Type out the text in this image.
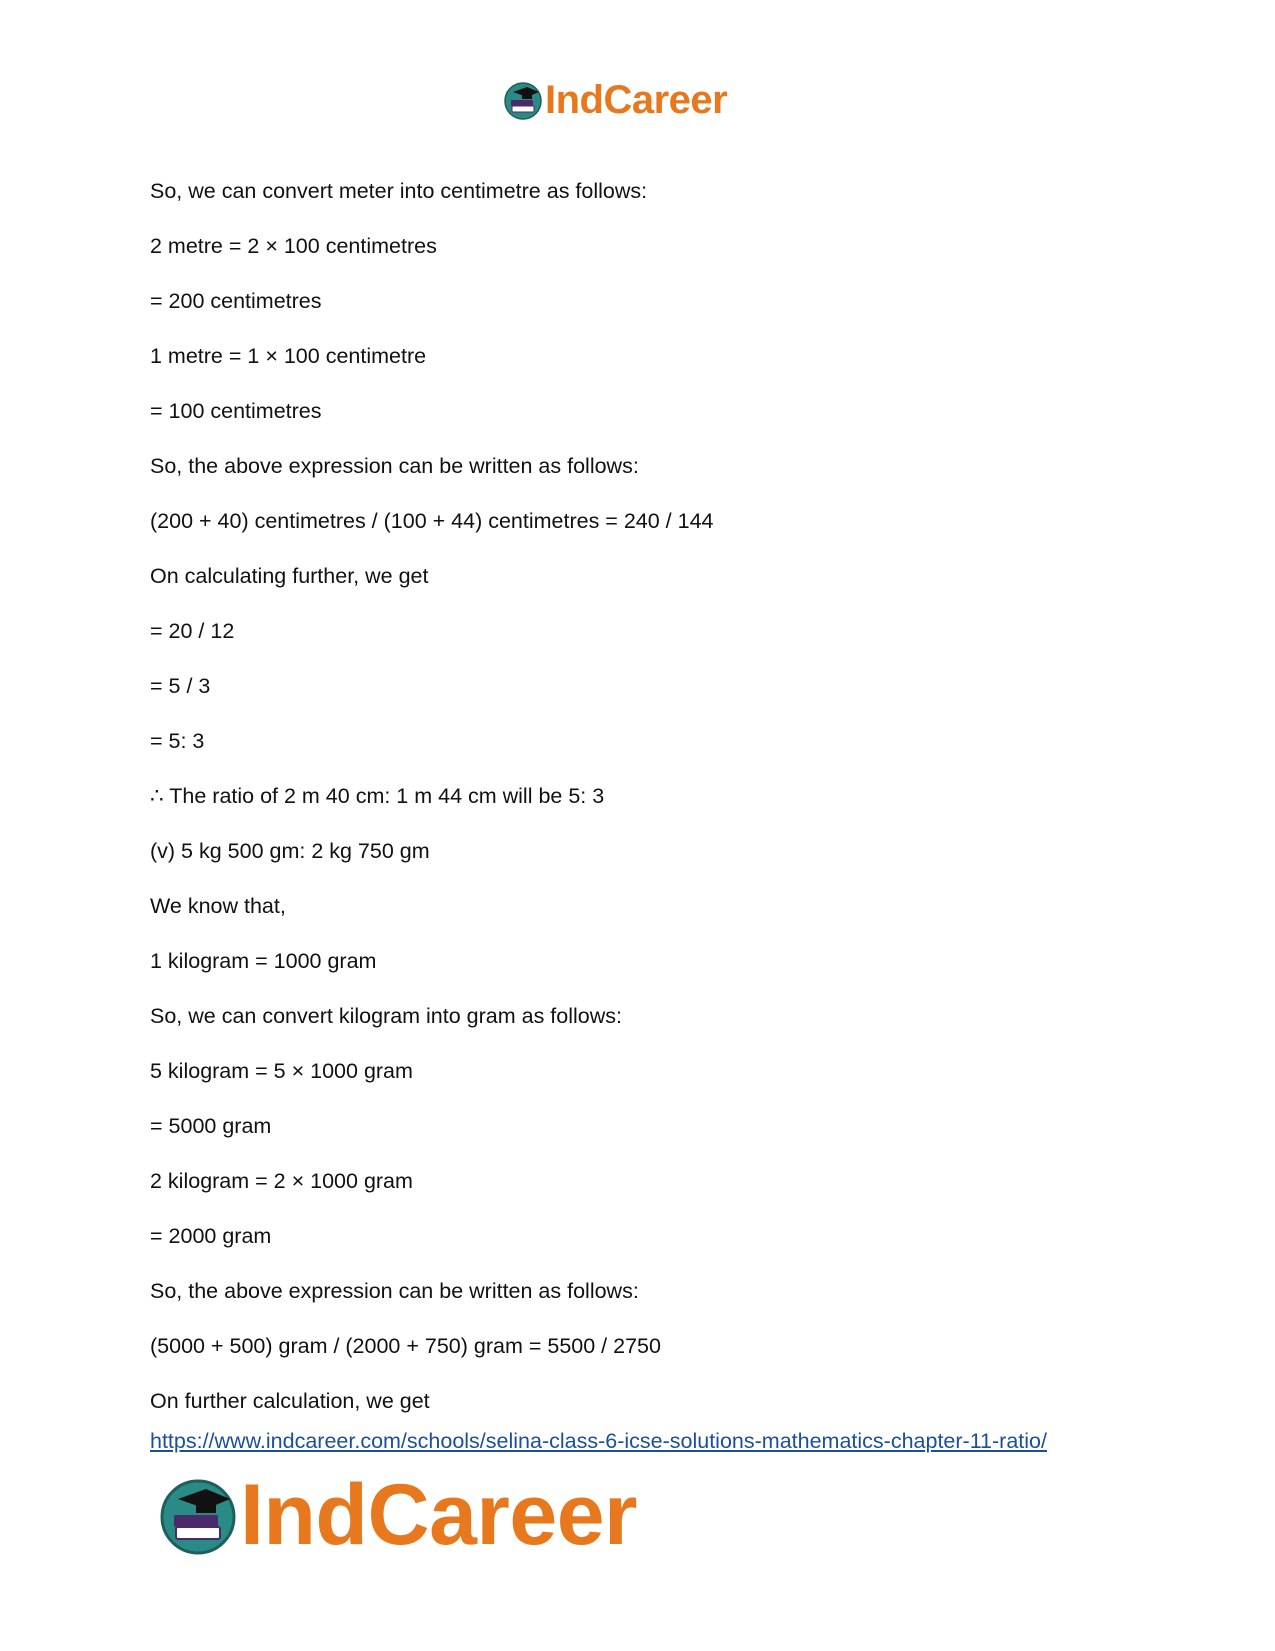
IndCareer
So, we can convert meter into centimetre as follows:
2 metre = 2 × 100 centimetres
= 200 centimetres
1 metre = 1 × 100 centimetre
= 100 centimetres
So, the above expression can be written as follows:
(200 + 40) centimetres / (100 + 44) centimetres = 240 / 144
On calculating further, we get
= 20 / 12
= 5 / 3
= 5: 3
∴ The ratio of 2 m 40 cm: 1 m 44 cm will be 5: 3
(v) 5 kg 500 gm: 2 kg 750 gm
We know that,
1 kilogram = 1000 gram
So, we can convert kilogram into gram as follows:
5 kilogram = 5 × 1000 gram
= 5000 gram
2 kilogram = 2 × 1000 gram
= 2000 gram
So, the above expression can be written as follows:
(5000 + 500) gram / (2000 + 750) gram = 5500 / 2750
On further calculation, we get
https://www.indcareer.com/schools/selina-class-6-icse-solutions-mathematics-chapter-11-ratio/
IndCareer
